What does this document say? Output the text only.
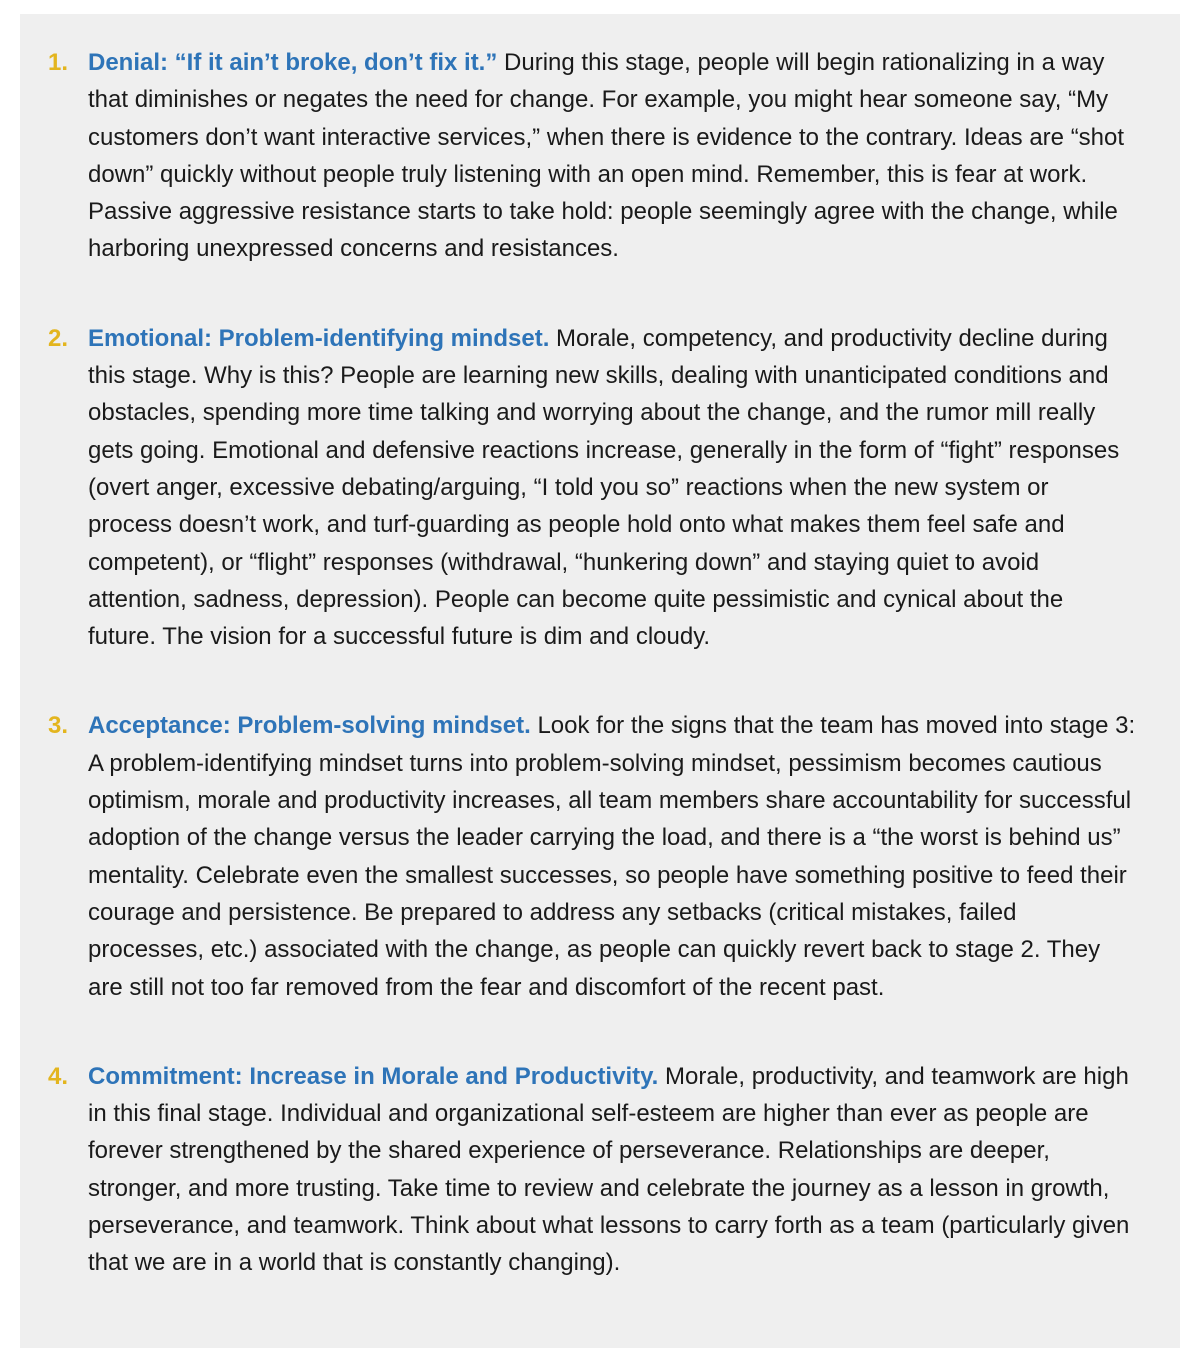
1. Denial: “If it ain’t broke, don’t fix it.” During this stage, people will begin rationalizing in a way that diminishes or negates the need for change. For example, you might hear someone say, “My customers don’t want interactive services,” when there is evidence to the contrary. Ideas are “shot down” quickly without people truly listening with an open mind. Remember, this is fear at work. Passive aggressive resistance starts to take hold: people seemingly agree with the change, while harboring unexpressed concerns and resistances.
2. Emotional: Problem-identifying mindset. Morale, competency, and productivity decline during this stage. Why is this? People are learning new skills, dealing with unanticipated conditions and obstacles, spending more time talking and worrying about the change, and the rumor mill really gets going. Emotional and defensive reactions increase, generally in the form of “fight” responses (overt anger, excessive debating/arguing, “I told you so” reactions when the new system or process doesn’t work, and turf-guarding as people hold onto what makes them feel safe and competent), or “flight” responses (withdrawal, “hunkering down” and staying quiet to avoid attention, sadness, depression). People can become quite pessimistic and cynical about the future. The vision for a successful future is dim and cloudy.
3. Acceptance: Problem-solving mindset. Look for the signs that the team has moved into stage 3: A problem-identifying mindset turns into problem-solving mindset, pessimism becomes cautious optimism, morale and productivity increases, all team members share accountability for successful adoption of the change versus the leader carrying the load, and there is a “the worst is behind us” mentality. Celebrate even the smallest successes, so people have something positive to feed their courage and persistence. Be prepared to address any setbacks (critical mistakes, failed processes, etc.) associated with the change, as people can quickly revert back to stage 2. They are still not too far removed from the fear and discomfort of the recent past.
4. Commitment: Increase in Morale and Productivity. Morale, productivity, and teamwork are high in this final stage. Individual and organizational self-esteem are higher than ever as people are forever strengthened by the shared experience of perseverance. Relationships are deeper, stronger, and more trusting. Take time to review and celebrate the journey as a lesson in growth, perseverance, and teamwork. Think about what lessons to carry forth as a team (particularly given that we are in a world that is constantly changing).
